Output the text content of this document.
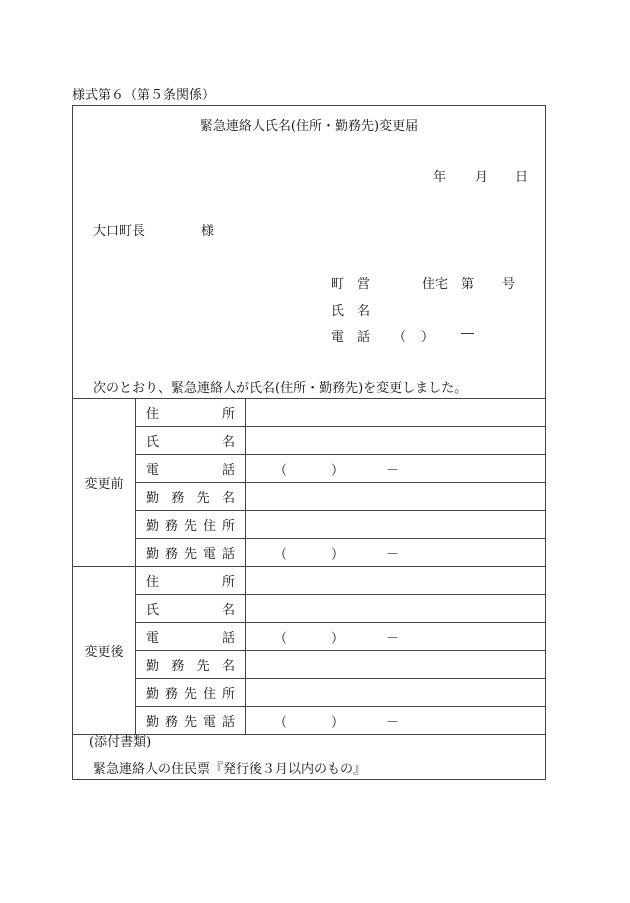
様式第６（第５条関係）
緊急連絡人氏名(住所・勤務先)変更届
年 月 日
大口町長	様
町　営	住宅　第 号
氏　名
電　話 （ ） ―
次のとおり、緊急連絡人が氏名(住所・勤務先)を変更しました。
変更前	住 所	

	氏 名	

	電 話	（ ） －

	勤 務 先 名	

	勤 務 先 住 所	

	勤 務 先 電 話	（ ） －

変更後	住 所	

	氏 名	

	電 話	（ ） －

	勤 務 先 名	

	勤 務 先 住 所	

	勤 務 先 電 話	（ ） －
(添付書類)
緊急連絡人の住民票『発行後３月以内のもの』
